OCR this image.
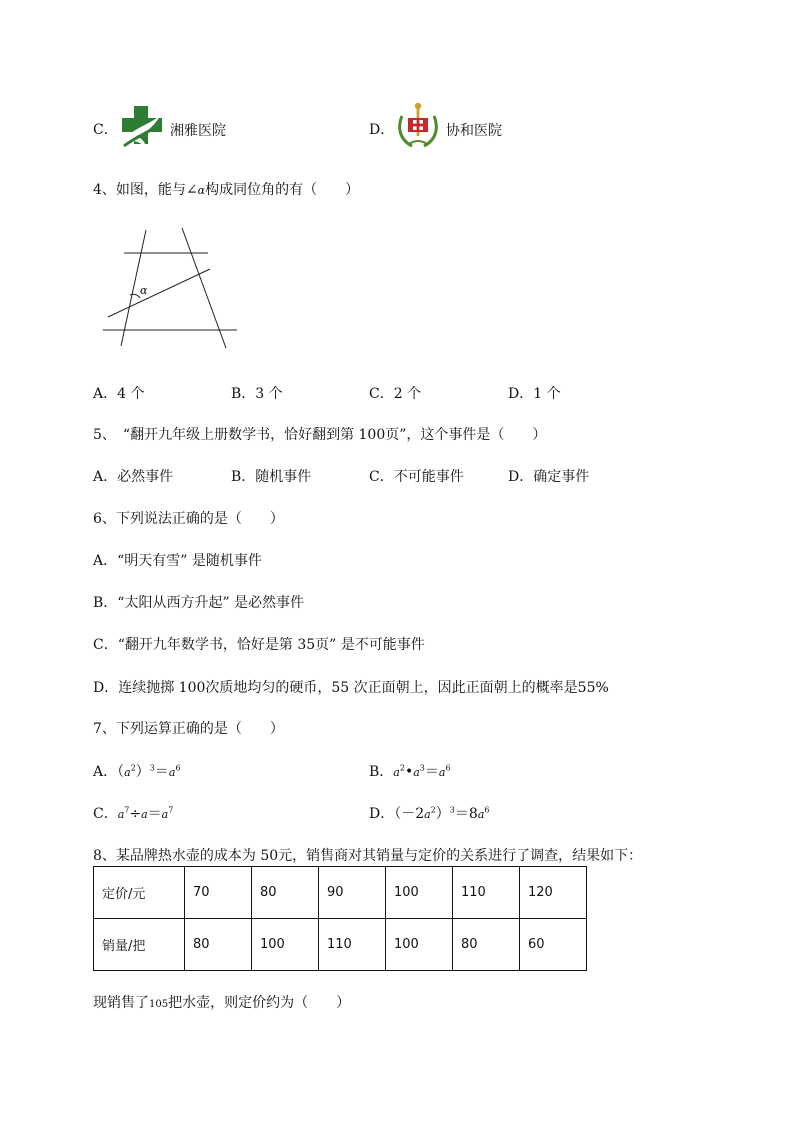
C．	湘雅医院	D．	协和医院
4、如图，能与∠α构成同位角的有（　　）
α
A．4 个	B．3 个	C．2 个	D．1 个
5、　“翻开九年级上册数学书，恰好翻到第 100页”，这个事件是（　　）
A．必然事件	B．随机事件	C．不可能事件	D．确定事件
6、下列说法正确的是（　　）
A．“明天有雪” 是随机事件
B．“太阳从西方升起” 是必然事件
C．“翻开九年数学书，恰好是第 35页” 是不可能事件
D．连续抛掷 100次质地均匀的硬币，55 次正面朝上，因此正面朝上的概率是55%
7、下列运算正确的是（　　）
A．$(a^2)^3=a^6$	B．$a^2•a^3=a^6$
C．$a^7\div a=a^7$	D．$(-2a^2)^3=8a^6$
8、某品牌热水壶的成本为 50元，销售商对其销量与定价的关系进行了调查，结果如下：
定价/元	70	80	90	100	110	120
销量/把	80	100	110	100	80	60
现销售了105把水壶，则定价约为（　　）
